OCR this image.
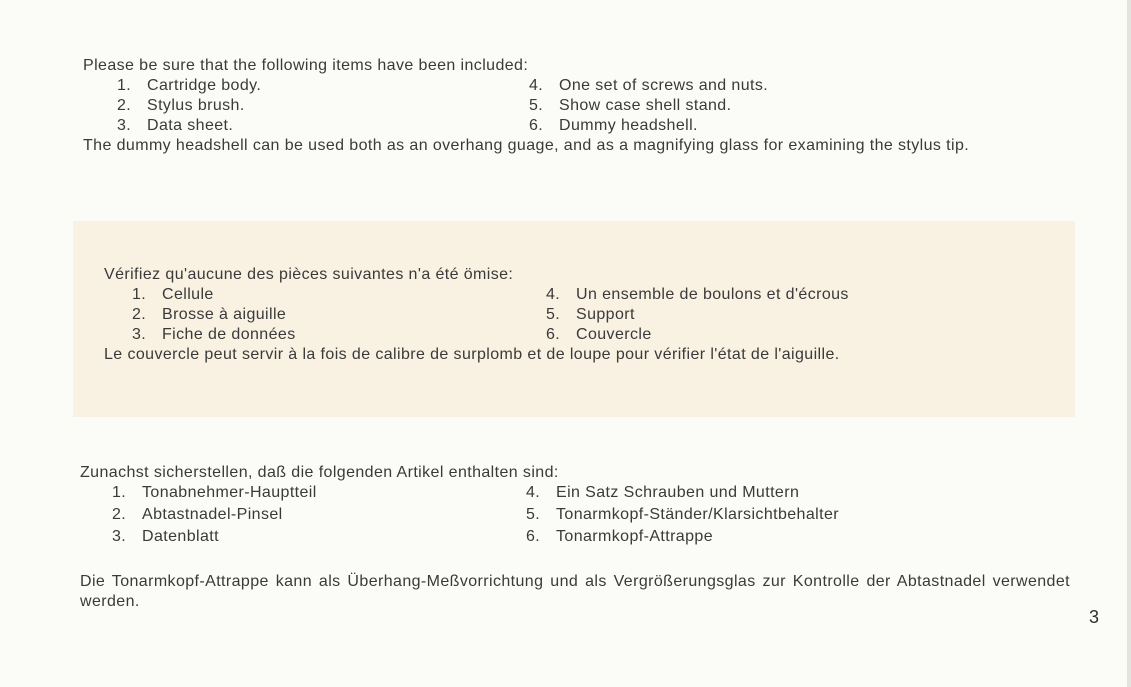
Please be sure that the following items have been included:

1. Cartridge body.
2. Stylus brush.
3. Data sheet.
4. One set of screws and nuts.
5. Show case shell stand.
6. Dummy headshell.

The dummy headshell can be used both as an overhang guage, and as a magnifying glass for examining the stylus tip.

Vérifiez qu'aucune des pièces suivantes n'a été ömise:

1. Cellule
2. Brosse à aiguille
3. Fiche de données
4. Un ensemble de boulons et d'écrous
5. Support
6. Couvercle

Le couvercle peut servir à la fois de calibre de surplomb et de loupe pour vérifier l'état de l'aiguille.

Zunachst sicherstellen, daß die folgenden Artikel enthalten sind:

1. Tonabnehmer-Hauptteil
2. Abtastnadel-Pinsel
3. Datenblatt
4. Ein Satz Schrauben und Muttern
5. Tonarmkopf-Ständer/Klarsichtbehalter
6. Tonarmkopf-Attrappe

Die Tonarmkopf-Attrappe kann als Überhang-Meßvorrichtung und als Vergrößerungsglas zur Kontrolle der Abtastnadel verwendet werden.

3
